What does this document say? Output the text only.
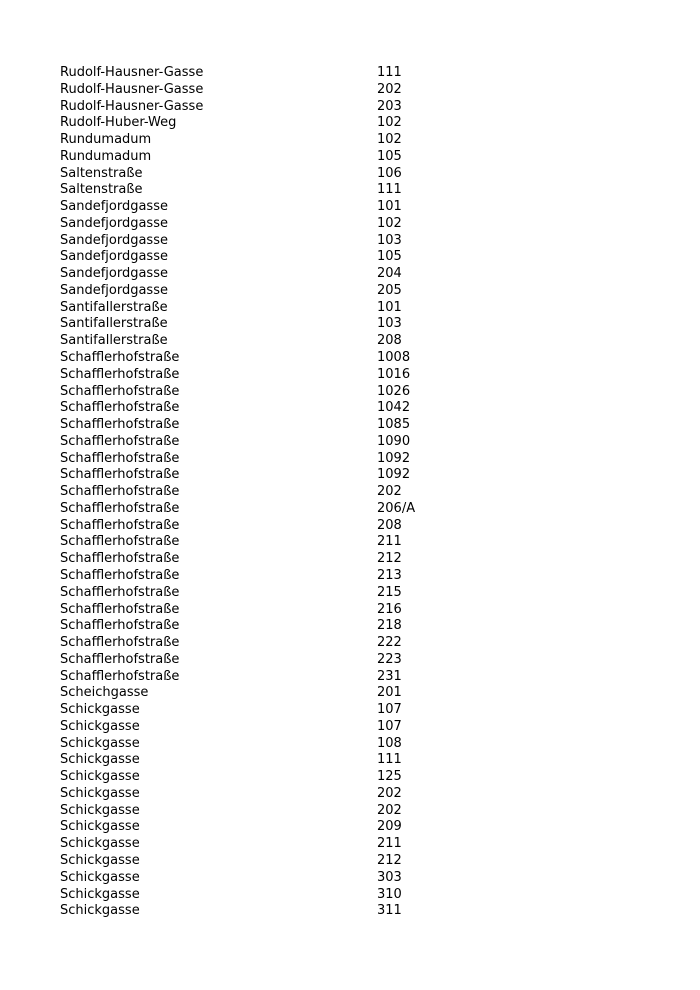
Rudolf-Hausner-Gasse	111
Rudolf-Hausner-Gasse	202
Rudolf-Hausner-Gasse	203
Rudolf-Huber-Weg	102
Rundumadum	102
Rundumadum	105
Saltenstraße	106
Saltenstraße	111
Sandefjordgasse	101
Sandefjordgasse	102
Sandefjordgasse	103
Sandefjordgasse	105
Sandefjordgasse	204
Sandefjordgasse	205
Santifallerstraße	101
Santifallerstraße	103
Santifallerstraße	208
Schafflerhofstraße	1008
Schafflerhofstraße	1016
Schafflerhofstraße	1026
Schafflerhofstraße	1042
Schafflerhofstraße	1085
Schafflerhofstraße	1090
Schafflerhofstraße	1092
Schafflerhofstraße	1092
Schafflerhofstraße	202
Schafflerhofstraße	206/A
Schafflerhofstraße	208
Schafflerhofstraße	211
Schafflerhofstraße	212
Schafflerhofstraße	213
Schafflerhofstraße	215
Schafflerhofstraße	216
Schafflerhofstraße	218
Schafflerhofstraße	222
Schafflerhofstraße	223
Schafflerhofstraße	231
Scheichgasse	201
Schickgasse	107
Schickgasse	107
Schickgasse	108
Schickgasse	111
Schickgasse	125
Schickgasse	202
Schickgasse	202
Schickgasse	209
Schickgasse	211
Schickgasse	212
Schickgasse	303
Schickgasse	310
Schickgasse	311
